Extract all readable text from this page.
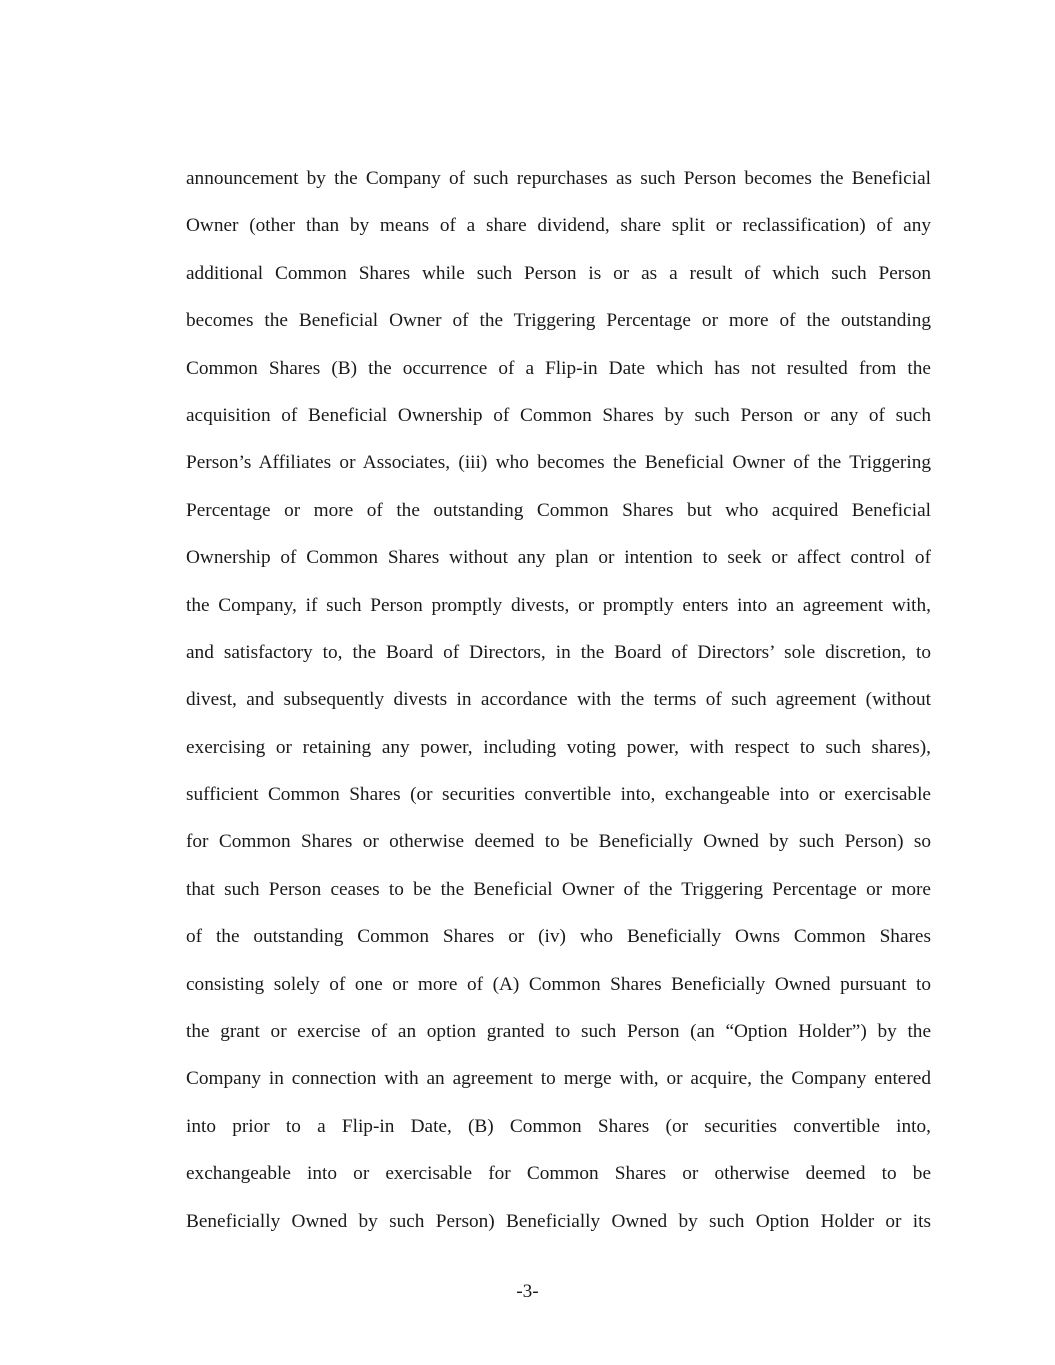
announcement by the Company of such repurchases as such Person becomes the Beneficial
Owner (other than by means of a share dividend, share split or reclassification) of any
additional Common Shares while such Person is or as a result of which such Person
becomes the Beneficial Owner of the Triggering Percentage or more of the outstanding
Common Shares (B) the occurrence of a Flip-in Date which has not resulted from the
acquisition of Beneficial Ownership of Common Shares by such Person or any of such
Person’s Affiliates or Associates, (iii) who becomes the Beneficial Owner of the Triggering
Percentage or more of the outstanding Common Shares but who acquired Beneficial
Ownership of Common Shares without any plan or intention to seek or affect control of
the Company, if such Person promptly divests, or promptly enters into an agreement with,
and satisfactory to, the Board of Directors, in the Board of Directors’ sole discretion, to
divest, and subsequently divests in accordance with the terms of such agreement (without
exercising or retaining any power, including voting power, with respect to such shares),
sufficient Common Shares (or securities convertible into, exchangeable into or exercisable
for Common Shares or otherwise deemed to be Beneficially Owned by such Person) so
that such Person ceases to be the Beneficial Owner of the Triggering Percentage or more
of the outstanding Common Shares or (iv) who Beneficially Owns Common Shares
consisting solely of one or more of (A) Common Shares Beneficially Owned pursuant to
the grant or exercise of an option granted to such Person (an “Option Holder”) by the
Company in connection with an agreement to merge with, or acquire, the Company entered
into prior to a Flip-in Date, (B) Common Shares (or securities convertible into,
exchangeable into or exercisable for Common Shares or otherwise deemed to be
Beneficially Owned by such Person) Beneficially Owned by such Option Holder or its
-3-
